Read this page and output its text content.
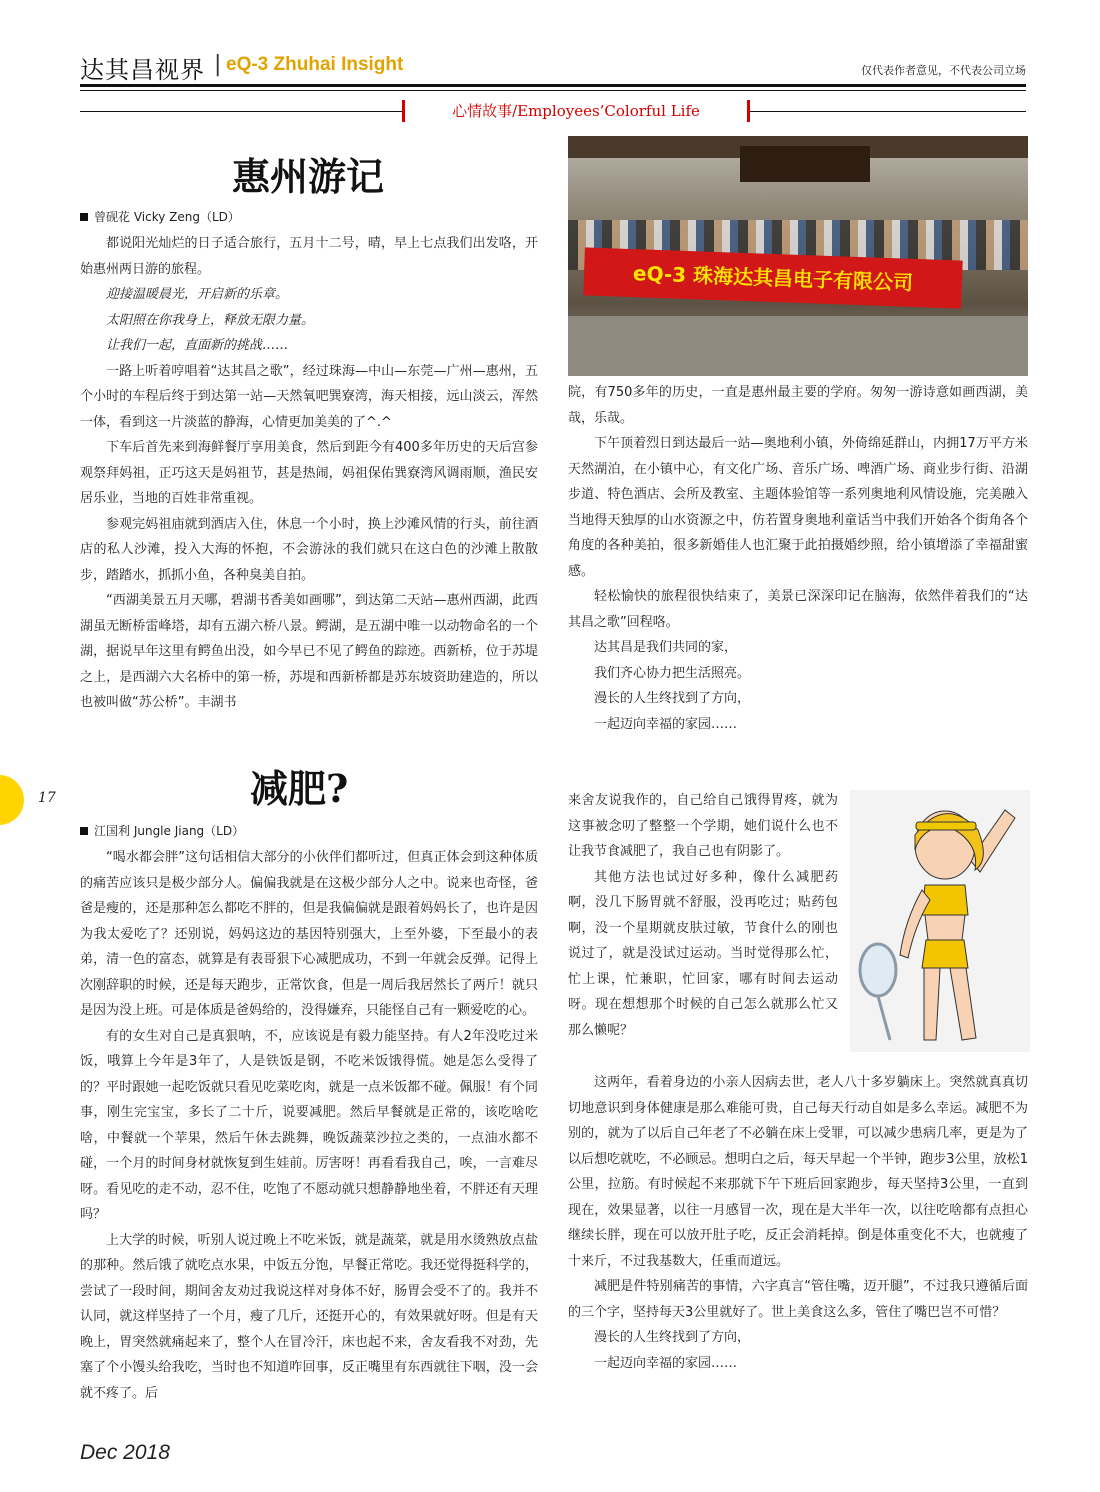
达其昌视界 | eQ-3 Zhuhai Insight	仅代表作者意见，不代表公司立场
心情故事/Employees’Colorful Life
惠州游记
曾砚花 Vicky Zeng（LD）

都说阳光灿烂的日子适合旅行，五月十二号，晴，早上七点我们出发咯，开始惠州两日游的旅程。

迎接温暖晨光，开启新的乐章。

太阳照在你我身上，释放无限力量。

让我们一起，直面新的挑战……

一路上听着哼唱着“达其昌之歌”，经过珠海—中山—东莞—广州—惠州，五个小时的车程后终于到达第一站—天然氧吧巽寮湾，海天相接，远山淡云，浑然一体，看到这一片淡蓝的静海，心情更加美美的了^.^

下车后首先来到海鲜餐厅享用美食，然后到距今有400多年历史的天后宫参观祭拜妈祖，正巧这天是妈祖节，甚是热闹，妈祖保佑巽寮湾风调雨顺，渔民安居乐业，当地的百姓非常重视。

参观完妈祖庙就到酒店入住，休息一个小时，换上沙滩风情的行头，前往酒店的私人沙滩，投入大海的怀抱，不会游泳的我们就只在这白色的沙滩上散散步，踏踏水，抓抓小鱼，各种臭美自拍。

“西湖美景五月天哪，碧湖书香美如画哪”，到达第二天站—惠州西湖，此西湖虽无断桥雷峰塔，却有五湖六桥八景。鳄湖，是五湖中唯一以动物命名的一个湖，据说早年这里有鳄鱼出没，如今早已不见了鳄鱼的踪迹。西新桥，位于苏堤之上，是西湖六大名桥中的第一桥，苏堤和西新桥都是苏东坡资助建造的，所以也被叫做“苏公桥”。丰湖书

eQ-3 珠海达其昌电子有限公司

院，有750多年的历史，一直是惠州最主要的学府。匆匆一游诗意如画西湖，美哉，乐哉。

下午顶着烈日到达最后一站—奥地利小镇，外倚绵延群山，内拥17万平方米天然湖泊，在小镇中心，有文化广场、音乐广场、啤酒广场、商业步行街、沿湖步道、特色酒店、会所及教室、主题体验馆等一系列奥地利风情设施，完美融入当地得天独厚的山水资源之中，仿若置身奥地利童话当中我们开始各个街角各个角度的各种美拍，很多新婚佳人也汇聚于此拍摄婚纱照，给小镇增添了幸福甜蜜感。

轻松愉快的旅程很快结束了，美景已深深印记在脑海，依然伴着我们的“达其昌之歌”回程咯。

达其昌是我们共同的家，

我们齐心协力把生活照亮。

漫长的人生终找到了方向，

一起迈向幸福的家园……

减肥?
江国利 Jungle Jiang（LD）

“喝水都会胖”这句话相信大部分的小伙伴们都听过，但真正体会到这种体质的痛苦应该只是极少部分人。偏偏我就是在这极少部分人之中。说来也奇怪，爸爸是瘦的，还是那种怎么都吃不胖的，但是我偏偏就是跟着妈妈长了，也许是因为我太爱吃了？还别说，妈妈这边的基因特别强大，上至外婆，下至最小的表弟，清一色的富态，就算是有表哥狠下心减肥成功，不到一年就会反弹。记得上次刚辞职的时候，还是每天跑步，正常饮食，但是一周后我居然长了两斤！就只是因为没上班。可是体质是爸妈给的，没得嫌弃，只能怪自己有一颗爱吃的心。

有的女生对自己是真狠呐，不，应该说是有毅力能坚持。有人2年没吃过米饭，哦算上今年是3年了，人是铁饭是钢，不吃米饭饿得慌。她是怎么受得了的？平时跟她一起吃饭就只看见吃菜吃肉，就是一点米饭都不碰。佩服！有个同事，刚生完宝宝，多长了二十斤，说要减肥。然后早餐就是正常的，该吃啥吃啥，中餐就一个苹果，然后午休去跳舞，晚饭蔬菜沙拉之类的，一点油水都不碰，一个月的时间身材就恢复到生娃前。厉害呀！再看看我自己，唉，一言难尽呀。看见吃的走不动，忍不住，吃饱了不愿动就只想静静地坐着，不胖还有天理吗？

上大学的时候，听别人说过晚上不吃米饭，就是蔬菜，就是用水烫熟放点盐的那种。然后饿了就吃点水果，中饭五分饱，早餐正常吃。我还觉得挺科学的，尝试了一段时间，期间舍友劝过我说这样对身体不好，肠胃会受不了的。我并不认同，就这样坚持了一个月，瘦了几斤，还挺开心的，有效果就好呀。但是有天晚上，胃突然就痛起来了，整个人在冒冷汗，床也起不来，舍友看我不对劲，先塞了个小馒头给我吃，当时也不知道咋回事，反正嘴里有东西就往下咽，没一会就不疼了。后

来舍友说我作的，自己给自己饿得胃疼，就为这事被念叨了整整一个学期，她们说什么也不让我节食减肥了，我自己也有阴影了。

其他方法也试过好多种，像什么减肥药啊，没几下肠胃就不舒服，没再吃过；贴药包啊，没一个星期就皮肤过敏，节食什么的刚也说过了，就是没试过运动。当时觉得那么忙，忙上课，忙兼职，忙回家，哪有时间去运动呀。现在想想那个时候的自己怎么就那么忙又那么懒呢？

这两年，看着身边的小亲人因病去世，老人八十多岁躺床上。突然就真真切切地意识到身体健康是那么难能可贵，自己每天行动自如是多么幸运。减肥不为别的，就为了以后自己年老了不必躺在床上受罪，可以减少患病几率，更是为了以后想吃就吃，不必顾忌。想明白之后，每天早起一个半钟，跑步3公里，放松1公里，拉筋。有时候起不来那就下午下班后回家跑步，每天坚持3公里，一直到现在，效果显著，以往一月感冒一次，现在是大半年一次，以往吃啥都有点担心继续长胖，现在可以放开肚子吃，反正会消耗掉。倒是体重变化不大，也就瘦了十来斤，不过我基数大，任重而道远。

减肥是件特别痛苦的事情，六字真言“管住嘴，迈开腿”，不过我只遵循后面的三个字，坚持每天3公里就好了。世上美食这么多，管住了嘴巴岂不可惜？

漫长的人生终找到了方向，

一起迈向幸福的家园……

17
Dec 2018
